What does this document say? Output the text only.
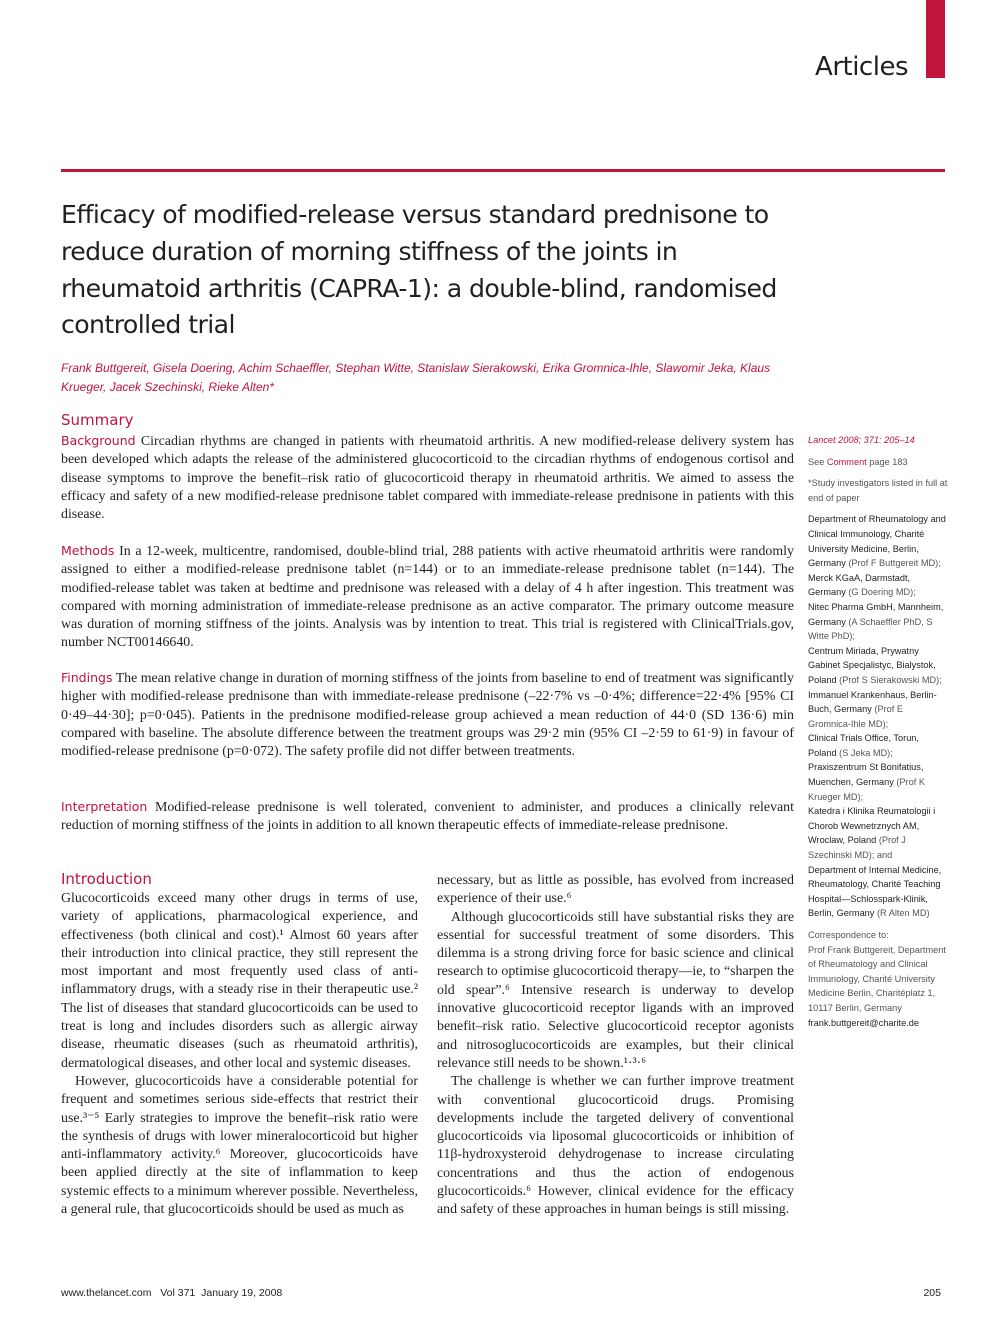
Articles
Efficacy of modified-release versus standard prednisone to reduce duration of morning stiffness of the joints in rheumatoid arthritis (CAPRA-1): a double-blind, randomised controlled trial
Frank Buttgereit, Gisela Doering, Achim Schaeffler, Stephan Witte, Stanislaw Sierakowski, Erika Gromnica-Ihle, Slawomir Jeka, Klaus Krueger, Jacek Szechinski, Rieke Alten*
Summary

Background Circadian rhythms are changed in patients with rheumatoid arthritis. A new modified-release delivery system has been developed which adapts the release of the administered glucocorticoid to the circadian rhythms of endogenous cortisol and disease symptoms to improve the benefit–risk ratio of glucocorticoid therapy in rheumatoid arthritis. We aimed to assess the efficacy and safety of a new modified-release prednisone tablet compared with immediate-release prednisone in patients with this disease.

Methods In a 12-week, multicentre, randomised, double-blind trial, 288 patients with active rheumatoid arthritis were randomly assigned to either a modified-release prednisone tablet (n=144) or to an immediate-release prednisone tablet (n=144). The modified-release tablet was taken at bedtime and prednisone was released with a delay of 4 h after ingestion. This treatment was compared with morning administration of immediate-release prednisone as an active comparator. The primary outcome measure was duration of morning stiffness of the joints. Analysis was by intention to treat. This trial is registered with ClinicalTrials.gov, number NCT00146640.

Findings The mean relative change in duration of morning stiffness of the joints from baseline to end of treatment was significantly higher with modified-release prednisone than with immediate-release prednisone (–22·7% vs –0·4%; difference=22·4% [95% CI 0·49–44·30]; p=0·045). Patients in the prednisone modified-release group achieved a mean reduction of 44·0 (SD 136·6) min compared with baseline. The absolute difference between the treatment groups was 29·2 min (95% CI –2·59 to 61·9) in favour of modified-release prednisone (p=0·072). The safety profile did not differ between treatments.

Interpretation Modified-release prednisone is well tolerated, convenient to administer, and produces a clinically relevant reduction of morning stiffness of the joints in addition to all known therapeutic effects of immediate-release prednisone.

Introduction

Glucocorticoids exceed many other drugs in terms of use, variety of applications, pharmacological experience, and effectiveness (both clinical and cost).¹ Almost 60 years after their introduction into clinical practice, they still represent the most important and most frequently used class of anti-inflammatory drugs, with a steady rise in their therapeutic use.² The list of diseases that standard glucocorticoids can be used to treat is long and includes disorders such as allergic airway disease, rheumatic diseases (such as rheumatoid arthritis), dermatological diseases, and other local and systemic diseases.

However, glucocorticoids have a considerable potential for frequent and sometimes serious side-effects that restrict their use.³⁻⁵ Early strategies to improve the benefit–risk ratio were the synthesis of drugs with lower mineralocorticoid but higher anti-inflammatory activity.⁶ Moreover, glucocorticoids have been applied directly at the site of inflammation to keep systemic effects to a minimum wherever possible. Nevertheless, a general rule, that glucocorticoids should be used as much as

necessary, but as little as possible, has evolved from increased experience of their use.⁶

Although glucocorticoids still have substantial risks they are essential for successful treatment of some disorders. This dilemma is a strong driving force for basic science and clinical research to optimise glucocorticoid therapy—ie, to “sharpen the old spear”.⁶ Intensive research is underway to develop innovative glucocorticoid receptor ligands with an improved benefit–risk ratio. Selective glucocorticoid receptor agonists and nitrosoglucocorticoids are examples, but their clinical relevance still needs to be shown.¹·³·⁶

The challenge is whether we can further improve treatment with conventional glucocorticoid drugs. Promising developments include the targeted delivery of conventional glucocorticoids via liposomal glucocorticoids or inhibition of 11β-hydroxysteroid dehydrogenase to increase circulating concentrations and thus the action of endogenous glucocorticoids.⁶ However, clinical evidence for the efficacy and safety of these approaches in human beings is still missing.

Lancet 2008; 371: 205–14

See Comment page 183

*Study investigators listed in full at end of paper

Department of Rheumatology and Clinical Immunology, Charité University Medicine, Berlin, Germany (Prof F Buttgereit MD);

Merck KGaA, Darmstadt, Germany (G Doering MD);

Nitec Pharma GmbH, Mannheim, Germany (A Schaeffler PhD, S Witte PhD);

Centrum Miriada, Prywatny Gabinet Specjalistyc, Bialystok, Poland (Prof S Sierakowski MD);

Immanuel Krankenhaus, Berlin-Buch, Germany (Prof E Gromnica-Ihle MD);

Clinical Trials Office, Torun, Poland (S Jeka MD);

Praxiszentrum St Bonifatius, Muenchen, Germany (Prof K Krueger MD);

Katedra i Klinika Reumatologii i Chorob Wewnetrznych AM, Wroclaw, Poland (Prof J Szechinski MD); and

Department of Internal Medicine, Rheumatology, Charité Teaching Hospital—Schlosspark-Klinik, Berlin, Germany (R Alten MD)

Correspondence to:

Prof Frank Buttgereit, Department of Rheumatology and Clinical Immunology, Charité University Medicine Berlin, Charitéplatz 1, 10117 Berlin, Germany

frank.buttgereit@charite.de

www.thelancet.com Vol 371 January 19, 2008	205
